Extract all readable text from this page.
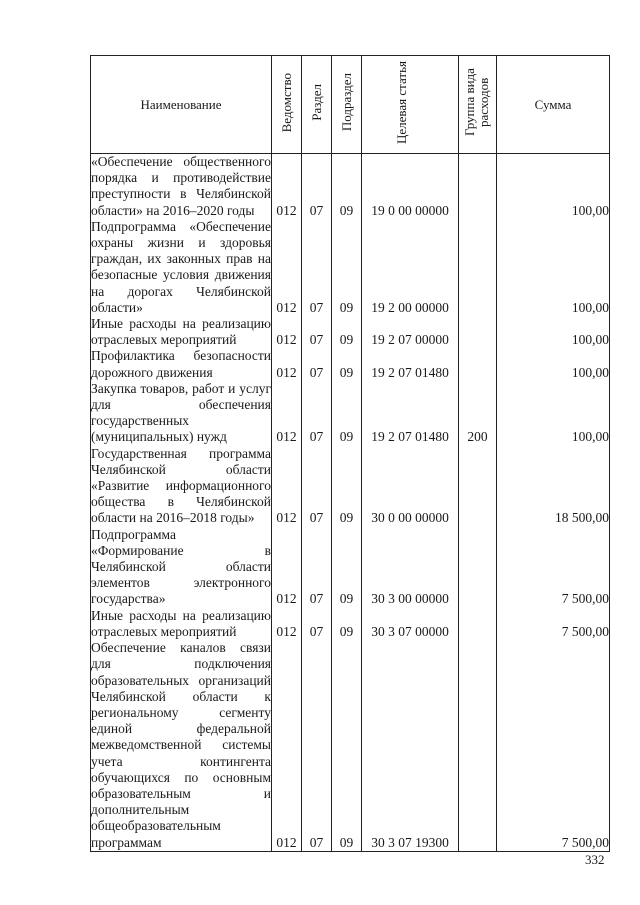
Наименование	Ведомство	Раздел	Подраздел	Целевая статья	Группа вида расходов	Сумма
«Обеспечение общественного порядка и противодействие преступности в Челябинской области» на 2016–2020 годы	012	07	09	19 0 00 00000		100,00
Подпрограмма «Обеспечение охраны жизни и здоровья граждан, их законных прав на безопасные условия движения на дорогах Челябинской области»	012	07	09	19 2 00 00000		100,00
Иные расходы на реализацию отраслевых мероприятий	012	07	09	19 2 07 00000		100,00
Профилактика безопасности дорожного движения	012	07	09	19 2 07 01480		100,00
Закупка товаров, работ и услуг для обеспечения государственных (муниципальных) нужд	012	07	09	19 2 07 01480	200	100,00
Государственная программа Челябинской области «Развитие информационного общества в Челябинской области на 2016–2018 годы»	012	07	09	30 0 00 00000		18 500,00
Подпрограмма «Формирование в Челябинской области элементов электронного государства»	012	07	09	30 3 00 00000		7 500,00
Иные расходы на реализацию отраслевых мероприятий	012	07	09	30 3 07 00000		7 500,00
Обеспечение каналов связи для подключения образовательных организаций Челябинской области к региональному сегменту единой федеральной межведомственной системы учета контингента обучающихся по основным образовательным и дополнительным общеобразовательным программам	012	07	09	30 3 07 19300		7 500,00
332
